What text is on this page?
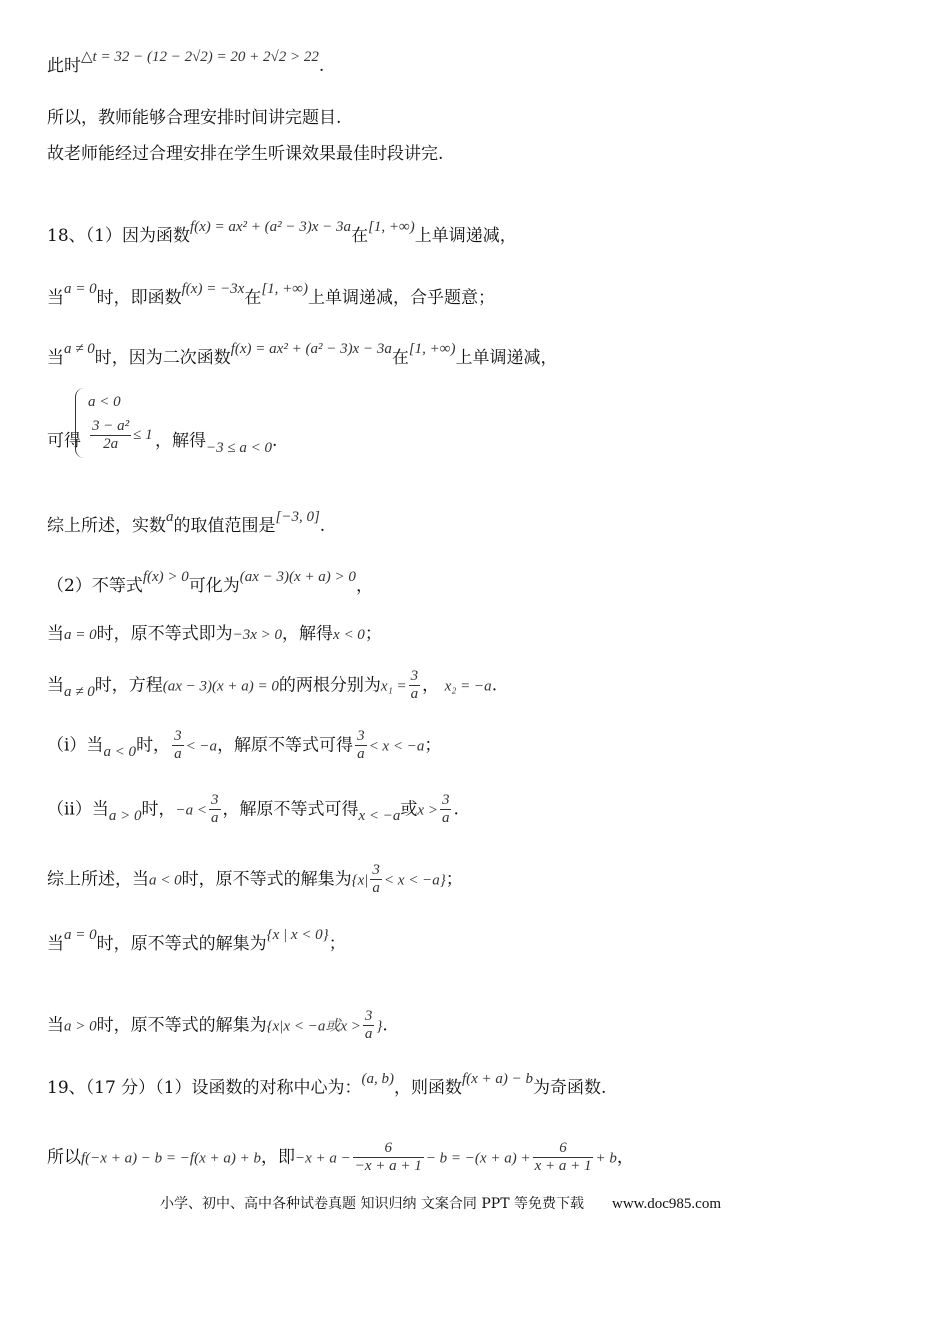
此时△t = 32 − (12 − 2√2) = 20 + 2√2 > 22.
所以，教师能够合理安排时间讲完题目.
故老师能经过合理安排在学生听课效果最佳时段讲完.
18、（1）因为函数f(x) = ax² + (a² − 3)x − 3a在[1, +∞)上单调递减，
当a = 0时，即函数f(x) = −3x在[1, +∞)上单调递减，合乎题意；
当a ≠ 0时，因为二次函数f(x) = ax² + (a² − 3)x − 3a在[1, +∞)上单调递减，
可得
a < 0
$\frac{\text{3 − a²}}{2a} \le 1$ ，解得−3 ≤ a < 0.
综上所述，实数a的取值范围是[−3, 0].
（2）不等式f(x) > 0可化为(ax − 3)(x + a) > 0，
当a = 0时，原不等式即为−3x > 0，解得x < 0；
当a ≠ 0时，方程(ax − 3)(x + a) = 0的两根分别为$x_1 = \frac{3}{a}$ ， x₂ = −a.
（i）当a < 0时， $\frac{3}{a} < -a$，解原不等式可得 $\frac{3}{a} < x < -a$；
（ii）当a > 0时，$-a < \frac{3}{a}$ ，解原不等式可得x < −a或$x > \frac{3}{a}$ .
综上所述，当a < 0时，原不等式的解集为$\{x| \frac{3}{a} < x < -a\}$；
当a = 0时，原不等式的解集为{x | x < 0}；
当a > 0时，原不等式的解集为{x|x < −a或$x > \frac{3}{a}$ }.
19、（17 分）（1）设函数的对称中心为：(a, b)，则函数f(x + a) − b为奇函数.
所以f(−x + a) − b = −f(x + a) + b，即$-x + a - \frac{6}{-x + a + 1} - b = -(x + a) + \frac{6}{x + a + 1} + b$，
小学、初中、高中各种试卷真题 知识归纳 文案合同 PPT 等免费下载 www.doc985.com
